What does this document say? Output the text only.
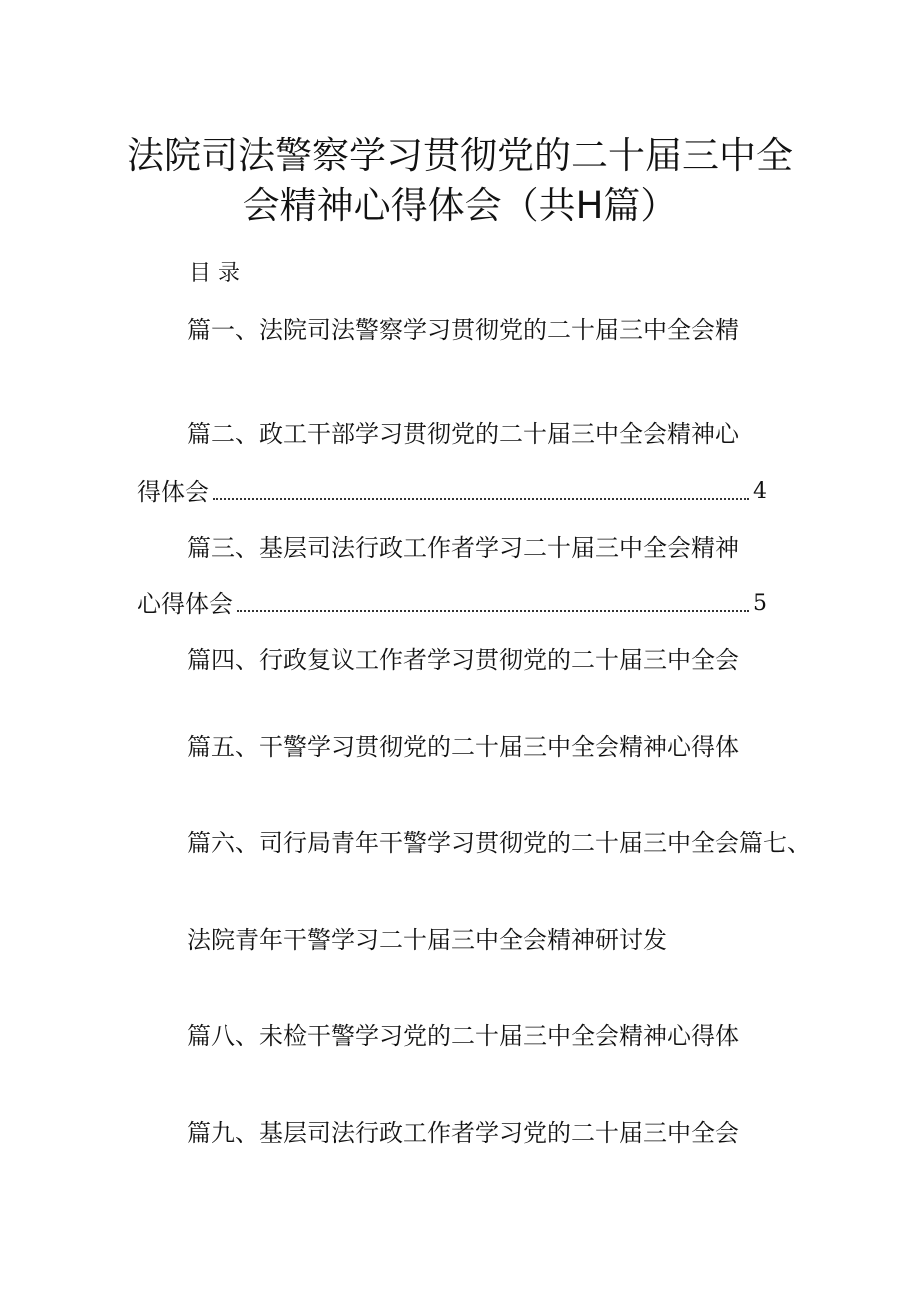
法院司法警察学习贯彻党的二十届三中全
会精神心得体会（共H篇）
目录
篇一、法院司法警察学习贯彻党的二十届三中全会精
篇二、政工干部学习贯彻党的二十届三中全会精神心
得体会	4
篇三、基层司法行政工作者学习二十届三中全会精神
心得体会	5
篇四、行政复议工作者学习贯彻党的二十届三中全会
篇五、干警学习贯彻党的二十届三中全会精神心得体
篇六、司行局青年干警学习贯彻党的二十届三中全会篇七、
法院青年干警学习二十届三中全会精神研讨发
篇八、未检干警学习党的二十届三中全会精神心得体
篇九、基层司法行政工作者学习党的二十届三中全会
